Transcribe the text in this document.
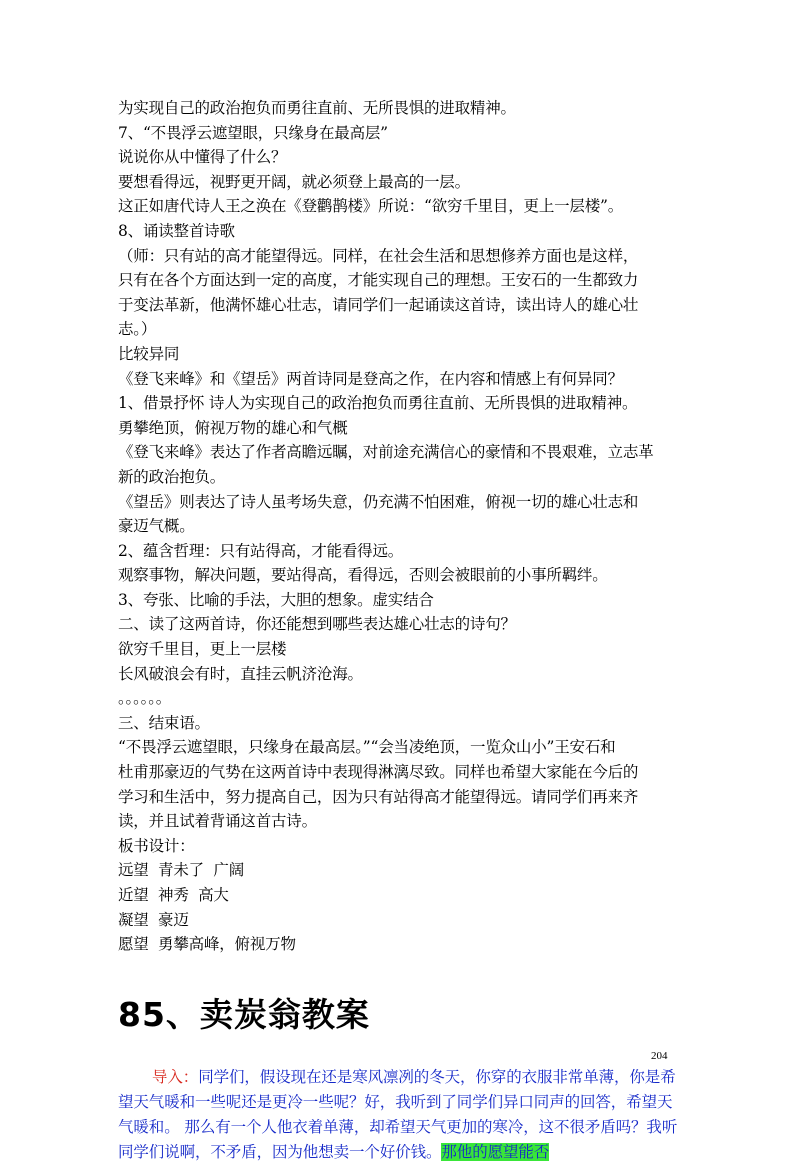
为实现自己的政治抱负而勇往直前、无所畏惧的进取精神。
7、“不畏浮云遮望眼，只缘身在最高层”
说说你从中懂得了什么？
要想看得远，视野更开阔，就必须登上最高的一层。
这正如唐代诗人王之涣在《登鹳鹊楼》所说：“欲穷千里目，更上一层楼”。
8、诵读整首诗歌
（师：只有站的高才能望得远。同样，在社会生活和思想修养方面也是这样，
只有在各个方面达到一定的高度，才能实现自己的理想。王安石的一生都致力
于变法革新，他满怀雄心壮志，请同学们一起诵读这首诗，读出诗人的雄心壮
志。）
比较异同
《登飞来峰》和《望岳》两首诗同是登高之作，在内容和情感上有何异同？
1、借景抒怀 诗人为实现自己的政治抱负而勇往直前、无所畏惧的进取精神。
勇攀绝顶，俯视万物的雄心和气概
《登飞来峰》表达了作者高瞻远瞩，对前途充满信心的豪情和不畏艰难，立志革
新的政治抱负。
《望岳》则表达了诗人虽考场失意，仍充满不怕困难，俯视一切的雄心壮志和
豪迈气概。
2、蕴含哲理：只有站得高，才能看得远。
观察事物，解决问题，要站得高，看得远，否则会被眼前的小事所羁绊。
3、夸张、比喻的手法，大胆的想象。虚实结合
二、读了这两首诗，你还能想到哪些表达雄心壮志的诗句？
欲穷千里目，更上一层楼
长风破浪会有时，直挂云帆济沧海。
。。。。。。
三、结束语。
“不畏浮云遮望眼，只缘身在最高层。”“会当凌绝顶，一览众山小”王安石和
杜甫那豪迈的气势在这两首诗中表现得淋漓尽致。同样也希望大家能在今后的
学习和生活中，努力提高自己，因为只有站得高才能望得远。请同学们再来齐
读，并且试着背诵这首古诗。
板书设计：
远望  青未了  广阔
近望  神秀  高大
凝望  豪迈
愿望  勇攀高峰，俯视万物
85、卖炭翁教案
导入：同学们，假设现在还是寒风凛冽的冬天，你穿的衣服非常单薄，你是希望天气暖和一些呢还是更冷一些呢？好，我听到了同学们异口同声的回答，希望天气暖和。 那么有一个人他衣着单薄，却希望天气更加的寒冷，这不很矛盾吗？我听同学们说啊，不矛盾，因为他想卖一个好价钱。那他的愿望能否
204
